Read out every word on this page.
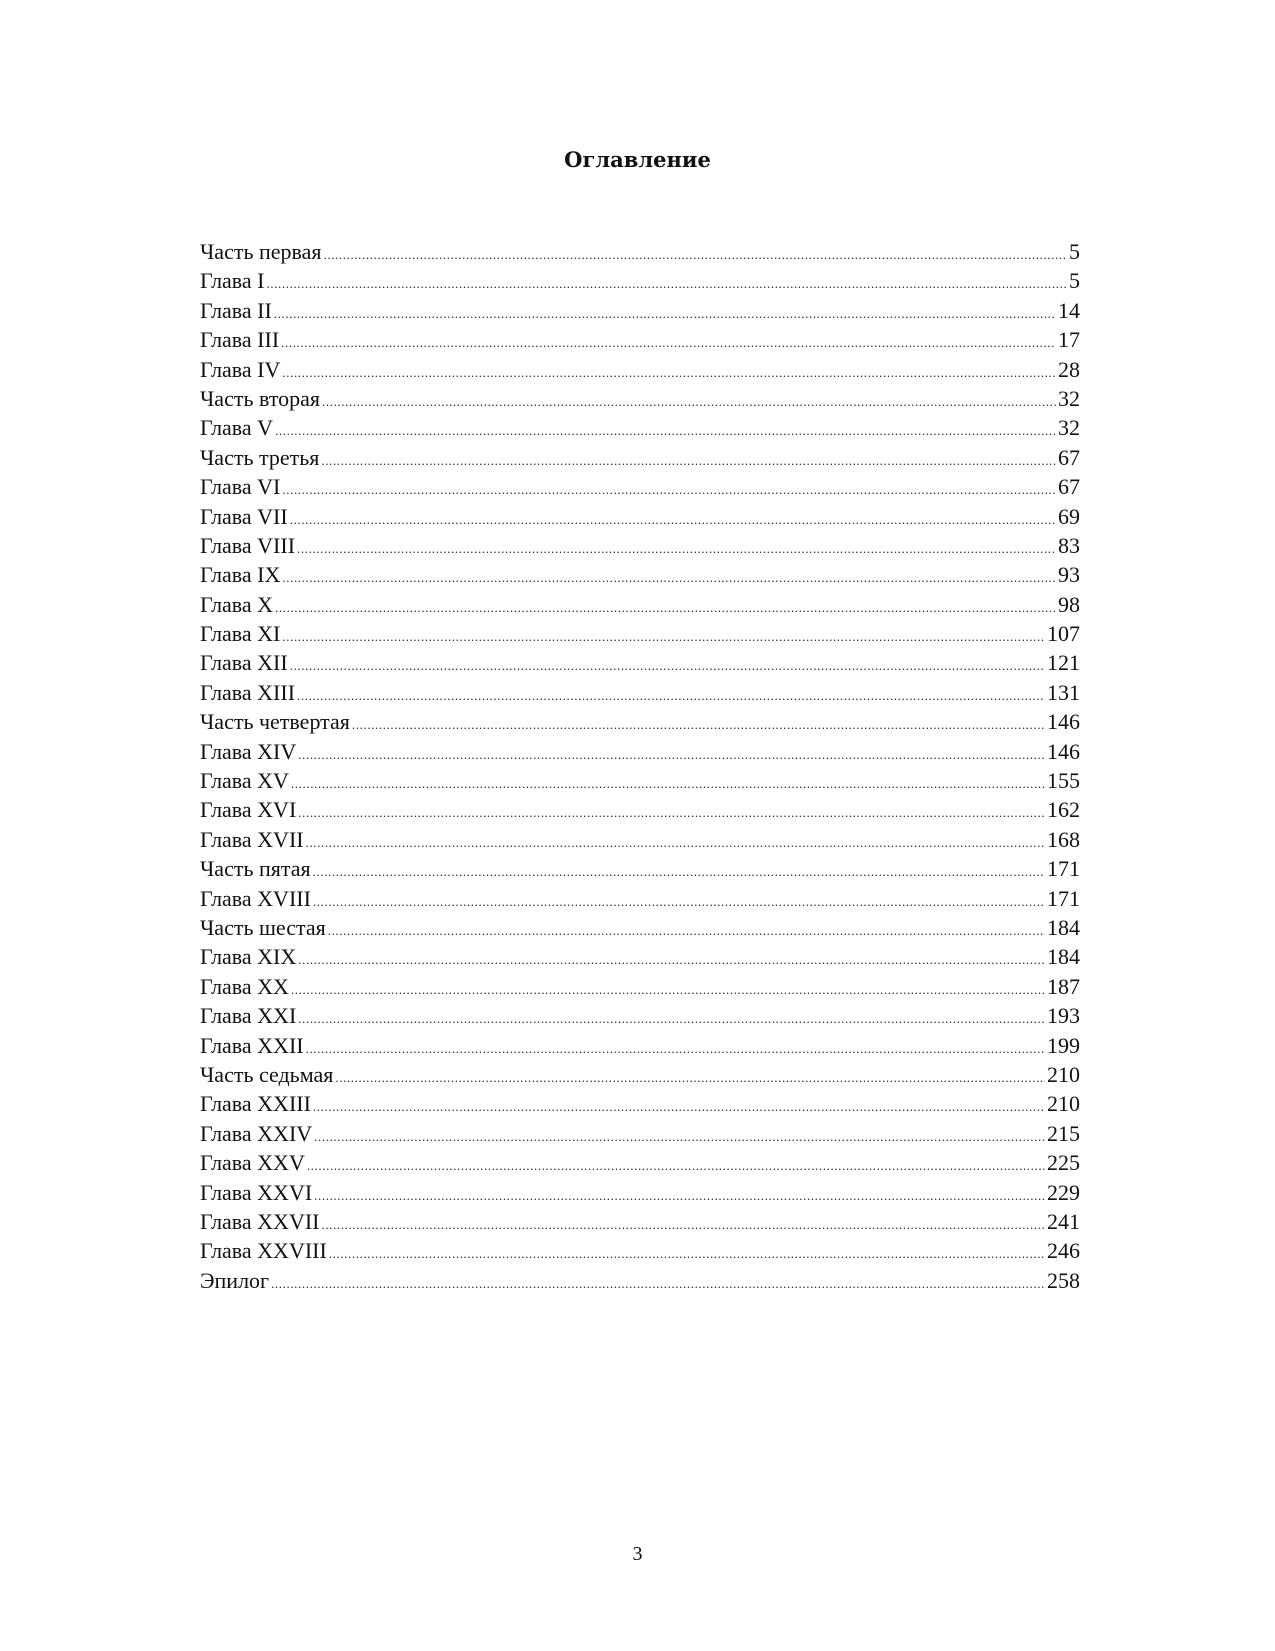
Оглавление
Часть первая .....	5
Глава I .....	5
Глава II .....	14
Глава III .....	17
Глава IV .....	28
Часть вторая .....	32
Глава V .....	32
Часть третья .....	67
Глава VI .....	67
Глава VII .....	69
Глава VIII .....	83
Глава IX .....	93
Глава X .....	98
Глава XI .....	107
Глава XII .....	121
Глава XIII .....	131
Часть четвертая .....	146
Глава XIV .....	146
Глава XV .....	155
Глава XVI .....	162
Глава XVII .....	168
Часть пятая .....	171
Глава XVIII .....	171
Часть шестая .....	184
Глава XIX .....	184
Глава XX .....	187
Глава XXI .....	193
Глава XXII .....	199
Часть седьмая .....	210
Глава XXIII .....	210
Глава XXIV .....	215
Глава XXV .....	225
Глава XXVI .....	229
Глава XXVII .....	241
Глава XXVIII .....	246
Эпилог .....	258
3
